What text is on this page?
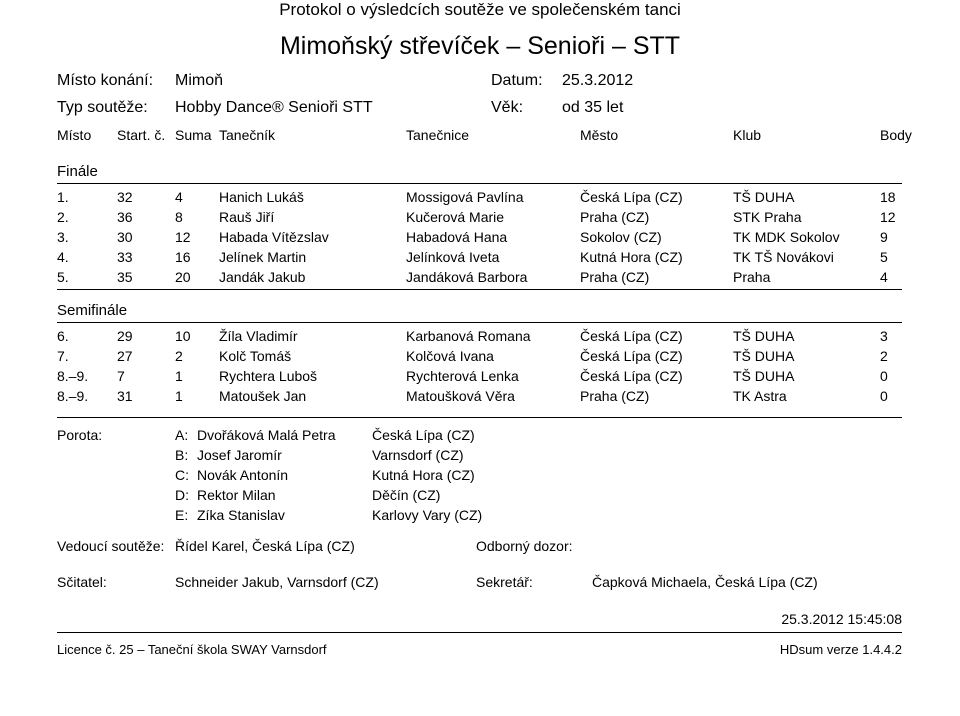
Protokol o výsledcích soutěže ve společenském tanci
Mimoňský střevíček – Senioři – STT
Místo konání: Mimoň	Datum: 25.3.2012
Typ soutěže: Hobby Dance® Senioři STT	Věk: od 35 let
Místo Start. č. Suma Tanečník	Tanečnice	Město	Klub	Body
Finále
1.	32	4	Hanich Lukáš	Mossigová Pavlína	Česká Lípa (CZ)	TŠ DUHA	18
2.	36	8	Rauš Jiří	Kučerová Marie	Praha (CZ)	STK Praha	12
3.	30	12 Habada Vítězslav	Habadová Hana	Sokolov (CZ)	TK MDK Sokolov	9
4.	33	16 Jelínek Martin	Jelínková Iveta	Kutná Hora (CZ)	TK TŠ Novákovi	5
5.	35	20 Jandák Jakub	Jandáková Barbora	Praha (CZ)	Praha	4
Semifinále
6.	29	10 Žíla Vladimír	Karbanová Romana	Česká Lípa (CZ)	TŠ DUHA	3
7.	27	2	Kolč Tomáš	Kolčová Ivana	Česká Lípa (CZ)	TŠ DUHA	2
8.–9. 7	1	Rychtera Luboš	Rychterová Lenka	Česká Lípa (CZ)	TŠ DUHA	0
8.–9. 31	1	Matoušek Jan	Matoušková Věra	Praha (CZ)	TK Astra	0
Porota:	A: Dvořáková Malá Petra	Česká Lípa (CZ)
B: Josef Jaromír	Varnsdorf (CZ)
C: Novák Antonín	Kutná Hora (CZ)
D: Rektor Milan	Děčín (CZ)
E: Zíka Stanislav	Karlovy Vary (CZ)
Vedoucí soutěže: Řídel Karel, Česká Lípa (CZ)	Odborný dozor:
Sčitatel:	Schneider Jakub, Varnsdorf (CZ)	Sekretář:	Čapková Michaela, Česká Lípa (CZ)
25.3.2012 15:45:08
Licence č. 25 – Taneční škola SWAY Varnsdorf	HDsum verze 1.4.4.2
